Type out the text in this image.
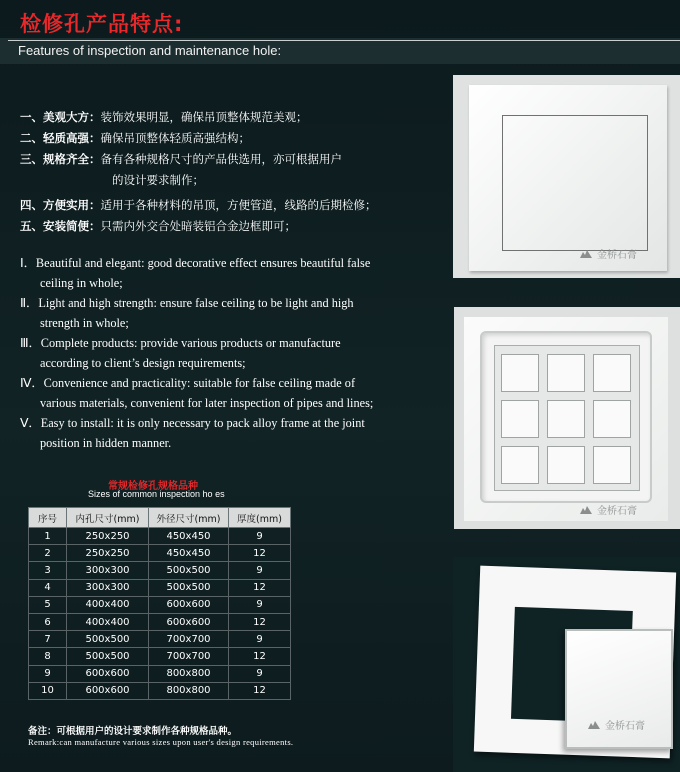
检修孔产品特点:
Features of inspection and maintenance hole:
一、美观大方：装饰效果明显，确保吊顶整体规范美观；
二、轻质高强：确保吊顶整体轻质高强结构；
三、规格齐全：备有各种规格尺寸的产品供选用，亦可根据用户
的设计要求制作；
四、方便实用：适用于各种材料的吊顶，方便管道，线路的后期检修；
五、安装简便：只需内外交合处暗装铝合金边框即可；
Ⅰ．Beautiful and elegant: good decorative effect ensures beautiful false
ceiling in whole;
Ⅱ．Light and high strength: ensure false ceiling to be light and high
strength in whole;
Ⅲ．Complete products: provide various products or manufacture
according to client’s design requirements;
Ⅳ．Convenience and practicality: suitable for false ceiling made of
various materials, convenient for later inspection of pipes and lines;
Ⅴ．Easy to install: it is only necessary to pack alloy frame at the joint
position in hidden manner.
常规检修孔规格品种
Sizes of common inspection ho es
序号	内孔尺寸(mm)	外径尺寸(mm)	厚度(mm)
1	250x250	450x450	9
2	250x250	450x450	12
3	300x300	500x500	9
4	300x300	500x500	12
5	400x400	600x600	9
6	400x400	600x600	12
7	500x500	700x700	9
8	500x500	700x700	12
9	600x600	800x800	9
10	600x600	800x800	12
备注：可根据用户的设计要求制作各种规格品种。
Remark:can manufacture various sizes upon user's design requirements.
金桥石膏
金桥石膏
金桥石膏
